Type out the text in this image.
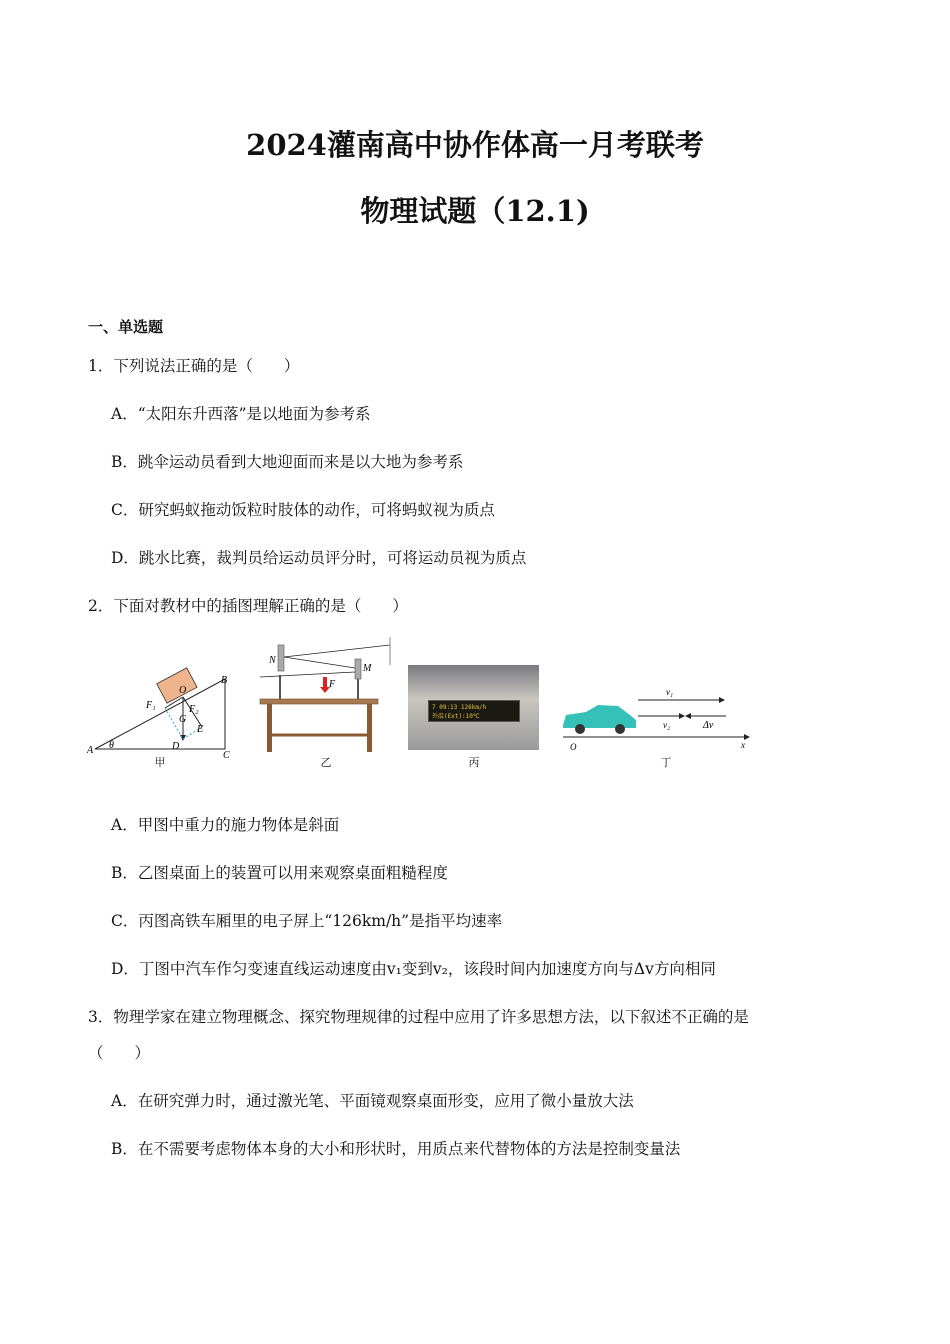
2024灌南高中协作体高一月考联考
物理试题（12.1)
一、单选题
1．下列说法正确的是（　　）
A．“太阳东升西落”是以地面为参考系
B．跳伞运动员看到大地迎面而来是以大地为参考系
C．研究蚂蚁拖动饭粒时肢体的动作，可将蚂蚁视为质点
D．跳水比赛，裁判员给运动员评分时，可将运动员视为质点
2．下面对教材中的插图理解正确的是（　　）
A
B
C
D
E
O
F₁	F₂
G
θ
甲
N
M
F
乙
7 09:13 126km/h
外温(Ext):10℃
丙
v₁
v₂	Δv
O	x
丁
A．甲图中重力的施力物体是斜面
B．乙图桌面上的装置可以用来观察桌面粗糙程度
C．丙图高铁车厢里的电子屏上“126km/h”是指平均速率
D．丁图中汽车作匀变速直线运动速度由v₁变到v₂，该段时间内加速度方向与Δv方向相同
3．物理学家在建立物理概念、探究物理规律的过程中应用了许多思想方法，以下叙述不正确的是
（　　）
A．在研究弹力时，通过激光笔、平面镜观察桌面形变，应用了微小量放大法
B．在不需要考虑物体本身的大小和形状时，用质点来代替物体的方法是控制变量法
